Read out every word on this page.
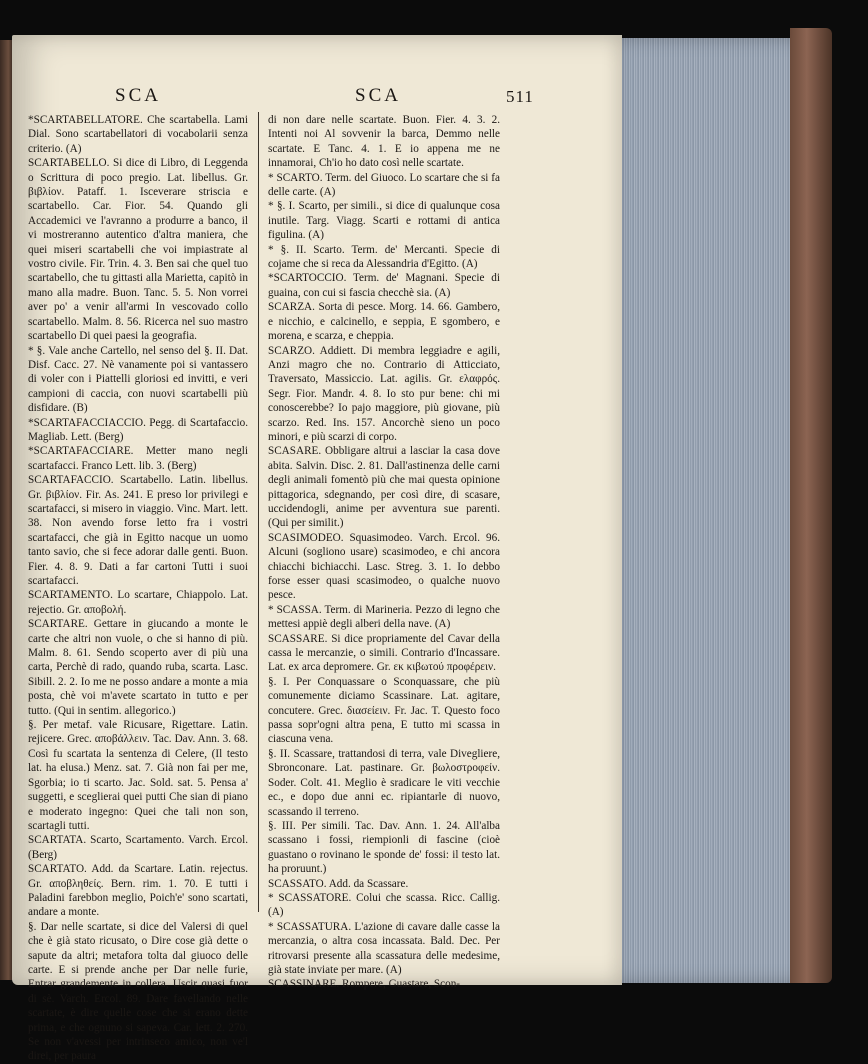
SCA	SCA	511

*SCARTABELLATORE. Che scartabella. Lami Dial. Sono scartabellatori di vocabolarii senza criterio. (A)

SCARTABELLO. Si dice di Libro, di Leggenda o Scrittura di poco pregio. Lat. libellus. Gr. βιβλίον. Pataff. 1. Isceverare striscia e scartabello. Car. Fior. 54. Quando gli Accademici ve l'avranno a produrre a banco, il vi mostreranno autentico d'altra maniera, che quei miseri scartabelli che voi impiastrate al vostro civile. Fir. Trin. 4. 3. Ben sai che quel tuo scartabello, che tu gittasti alla Marietta, capitò in mano alla madre. Buon. Tanc. 5. 5. Non vorrei aver po' a venir all'armi In vescovado collo scartabello. Malm. 8. 56. Ricerca nel suo mastro scartabello Di quei paesi la geografia.

* §. Vale anche Cartello, nel senso del §. II. Dat. Disf. Cacc. 27. Nè vanamente poi si vantassero di voler con i Piattelli gloriosi ed invitti, e veri campioni di caccia, con nuovi scartabelli più disfidare. (B)

*SCARTAFACCIACCIO. Pegg. di Scartafaccio. Magliab. Lett. (Berg)

*SCARTAFACCIARE. Metter mano negli scartafacci. Franco Lett. lib. 3. (Berg)

SCARTAFACCIO. Scartabello. Latin. libellus. Gr. βιβλίον. Fir. As. 241. E preso lor privilegi e scartafacci, si misero in viaggio. Vinc. Mart. lett. 38. Non avendo forse letto fra i vostri scartafacci, che già in Egitto nacque un uomo tanto savio, che si fece adorar dalle genti. Buon. Fier. 4. 8. 9. Dati a far cartoni Tutti i suoi scartafacci.

SCARTAMENTO. Lo scartare, Chiappolo. Lat. rejectio. Gr. αποβολή.

SCARTARE. Gettare in giucando a monte le carte che altri non vuole, o che si hanno di più. Malm. 8. 61. Sendo scoperto aver di più una carta, Perchè di rado, quando ruba, scarta. Lasc. Sibill. 2. 2. Io me ne posso andare a monte a mia posta, chè voi m'avete scartato in tutto e per tutto. (Qui in sentim. allegorico.)

§. Per metaf. vale Ricusare, Rigettare. Latin. rejicere. Grec. αποβάλλειν. Tac. Dav. Ann. 3. 68. Così fu scartata la sentenza di Celere, (Il testo lat. ha elusa.) Menz. sat. 7. Già non fai per me, Sgorbia; io ti scarto. Jac. Sold. sat. 5. Pensa a' suggetti, e sceglierai quei putti Che sian di piano e moderato ingegno: Quei che tali non son, scartagli tutti.

SCARTATA. Scarto, Scartamento. Varch. Ercol. (Berg)

SCARTATO. Add. da Scartare. Latin. rejectus. Gr. αποβληθείς. Bern. rim. 1. 70. E tutti i Paladini farebbon meglio, Poich'e' sono scartati, andare a monte.

§. Dar nelle scartate, si dice del Valersi di quel che è già stato ricusato, o Dire cose già dette o sapute da altri; metafora tolta dal giuoco delle carte. E si prende anche per Dar nelle furie, Entrar grandemente in collera, Uscir quasi fuor di sè. Varch. Ercol. 89. Dare favellando nelle scartate, è dire quelle cose che si erano dette prima, e che ognuno si sapeva. Car. lett. 2. 270. Se non v'avessi per intrinseco amico, non ve'l direi, per paura

di non dare nelle scartate. Buon. Fier. 4. 3. 2. Intenti noi Al sovvenir la barca, Demmo nelle scartate. E Tanc. 4. 1. E io appena me ne innamorai, Ch'io ho dato così nelle scartate.

* SCARTO. Term. del Giuoco. Lo scartare che si fa delle carte. (A)

* §. I. Scarto, per simili., si dice di qualunque cosa inutile. Targ. Viagg. Scarti e rottami di antica figulina. (A)

* §. II. Scarto. Term. de' Mercanti. Specie di cojame che si reca da Alessandria d'Egitto. (A)

*SCARTOCCIO. Term. de' Magnani. Specie di guaina, con cui si fascia checchè sia. (A)

SCARZA. Sorta di pesce. Morg. 14. 66. Gambero, e nicchio, e calcinello, e seppia, E sgombero, e morena, e scarza, e cheppia.

SCARZO. Addiett. Di membra leggiadre e agili, Anzi magro che no. Contrario di Atticciato, Traversato, Massiccio. Lat. agilis. Gr. ελαφρός. Segr. Fior. Mandr. 4. 8. Io sto pur bene: chi mi conoscerebbe? Io pajo maggiore, più giovane, più scarzo. Red. Ins. 157. Ancorchè sieno un poco minori, e più scarzi di corpo.

SCASARE. Obbligare altrui a lasciar la casa dove abita. Salvin. Disc. 2. 81. Dall'astinenza delle carni degli animali fomentò più che mai questa opinione pittagorica, sdegnando, per così dire, di scasare, uccidendogli, anime per avventura sue parenti. (Qui per similit.)

SCASIMODEO. Squasimodeo. Varch. Ercol. 96. Alcuni (sogliono usare) scasimodeo, e chi ancora chiacchi bichiacchi. Lasc. Streg. 3. 1. Io debbo forse esser quasi scasimodeo, o qualche nuovo pesce.

* SCASSA. Term. di Marineria. Pezzo di legno che mettesi appiè degli alberi della nave. (A)

SCASSARE. Si dice propriamente del Cavar della cassa le mercanzie, o simili. Contrario d'Incassare. Lat. ex arca depromere. Gr. εκ κιβωτού προφέρειν.

§. I. Per Conquassare o Sconquassare, che più comunemente diciamo Scassinare. Lat. agitare, concutere. Grec. διασείειν. Fr. Jac. T. Questo foco passa sopr'ogni altra pena, E tutto mi scassa in ciascuna vena.

§. II. Scassare, trattandosi di terra, vale Divegliere, Sbronconare. Lat. pastinare. Gr. βωλοστροφείν. Soder. Colt. 41. Meglio è sradicare le viti vecchie ec., e dopo due anni ec. ripiantarle di nuovo, scassando il terreno.

§. III. Per simili. Tac. Dav. Ann. 1. 24. All'alba scassano i fossi, riempionli di fascine (cioè guastano o rovinano le sponde de' fossi: il testo lat. ha proruunt.)

SCASSATO. Add. da Scassare.

* SCASSATORE. Colui che scassa. Ricc. Callig. (A)

* SCASSATURA. L'azione di cavare dalle casse la mercanzia, o altra cosa incassata. Bald. Dec. Per ritrovarsi presente alla scassatura delle medesime, già state inviate per mare. (A)

SCASSINARE. Rompere, Guastare, Scon-
